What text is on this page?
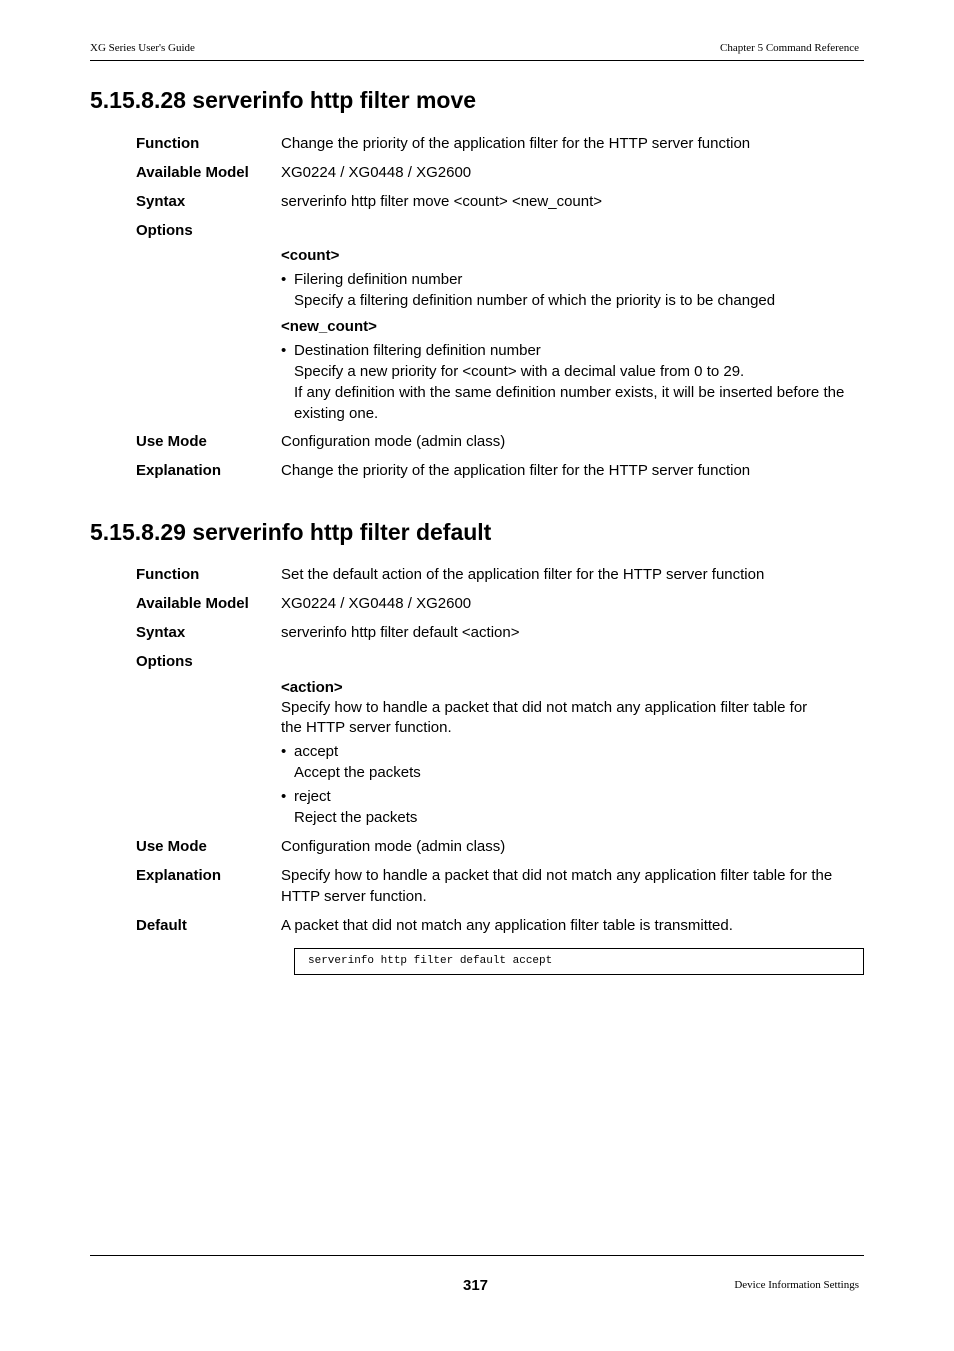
XG Series User's Guide	Chapter 5 Command Reference
5.15.8.28 serverinfo http filter move
Function	Change the priority of the application filter for the HTTP server function
Available Model XG0224 / XG0448 / XG2600
Syntax	serverinfo http filter move <count> <new_count>
Options
<count>
• Filering definition number
Specify a filtering definition number of which the priority is to be changed
<new_count>
• Destination filtering definition number
Specify a new priority for <count> with a decimal value from 0 to 29.
If any definition with the same definition number exists, it will be inserted before the existing one.
Use Mode	Configuration mode (admin class)
Explanation	Change the priority of the application filter for the HTTP server function
5.15.8.29 serverinfo http filter default
Function	Set the default action of the application filter for the HTTP server function
Available Model XG0224 / XG0448 / XG2600
Syntax	serverinfo http filter default <action>
Options
<action>
Specify how to handle a packet that did not match any application filter table for
the HTTP server function.
• accept
Accept the packets
• reject
Reject the packets
Use Mode	Configuration mode (admin class)
Explanation	Specify how to handle a packet that did not match any application filter table for the HTTP server function.
Default	A packet that did not match any application filter table is transmitted.
serverinfo http filter default accept
317	Device Information Settings
